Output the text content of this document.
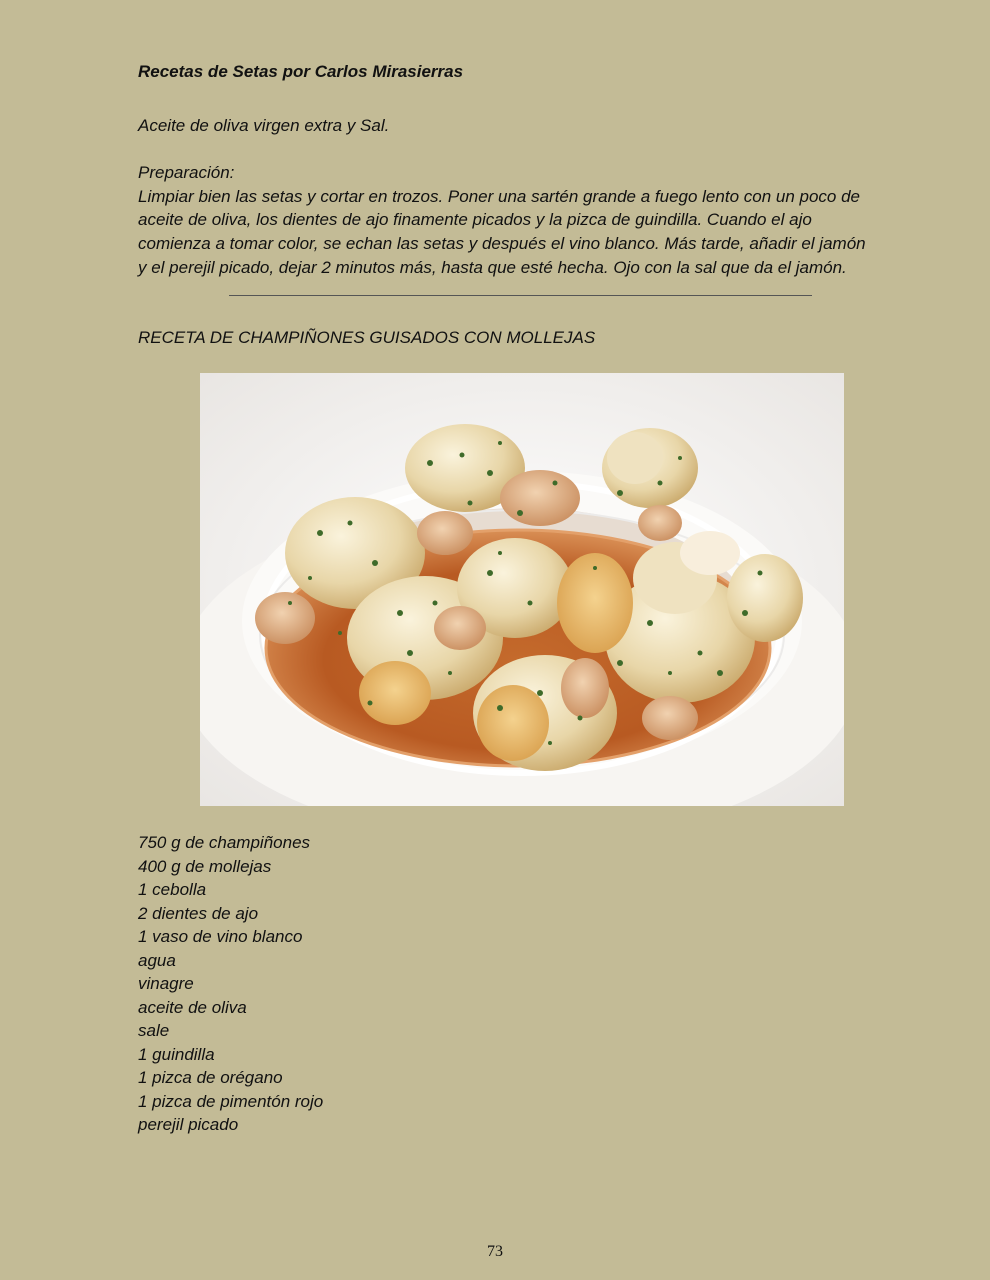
Recetas de Setas por Carlos Mirasierras
Aceite de oliva virgen extra y Sal.
Preparación:
Limpiar bien las setas y cortar en trozos. Poner una sartén grande a fuego lento con un poco de
aceite de oliva, los dientes de ajo finamente picados y la pizca de guindilla. Cuando el ajo
comienza a tomar color, se echan las setas y después el vino blanco. Más tarde, añadir el jamón
y el perejil picado, dejar 2 minutos más, hasta que esté hecha. Ojo con la sal que da el jamón.
RECETA DE CHAMPIÑONES GUISADOS CON MOLLEJAS
750 g de champiñones
400 g de mollejas
1 cebolla
2 dientes de ajo
1 vaso de vino blanco
agua
vinagre
aceite de oliva
sale
1 guindilla
1 pizca de orégano
1 pizca de pimentón rojo
perejil picado
73
